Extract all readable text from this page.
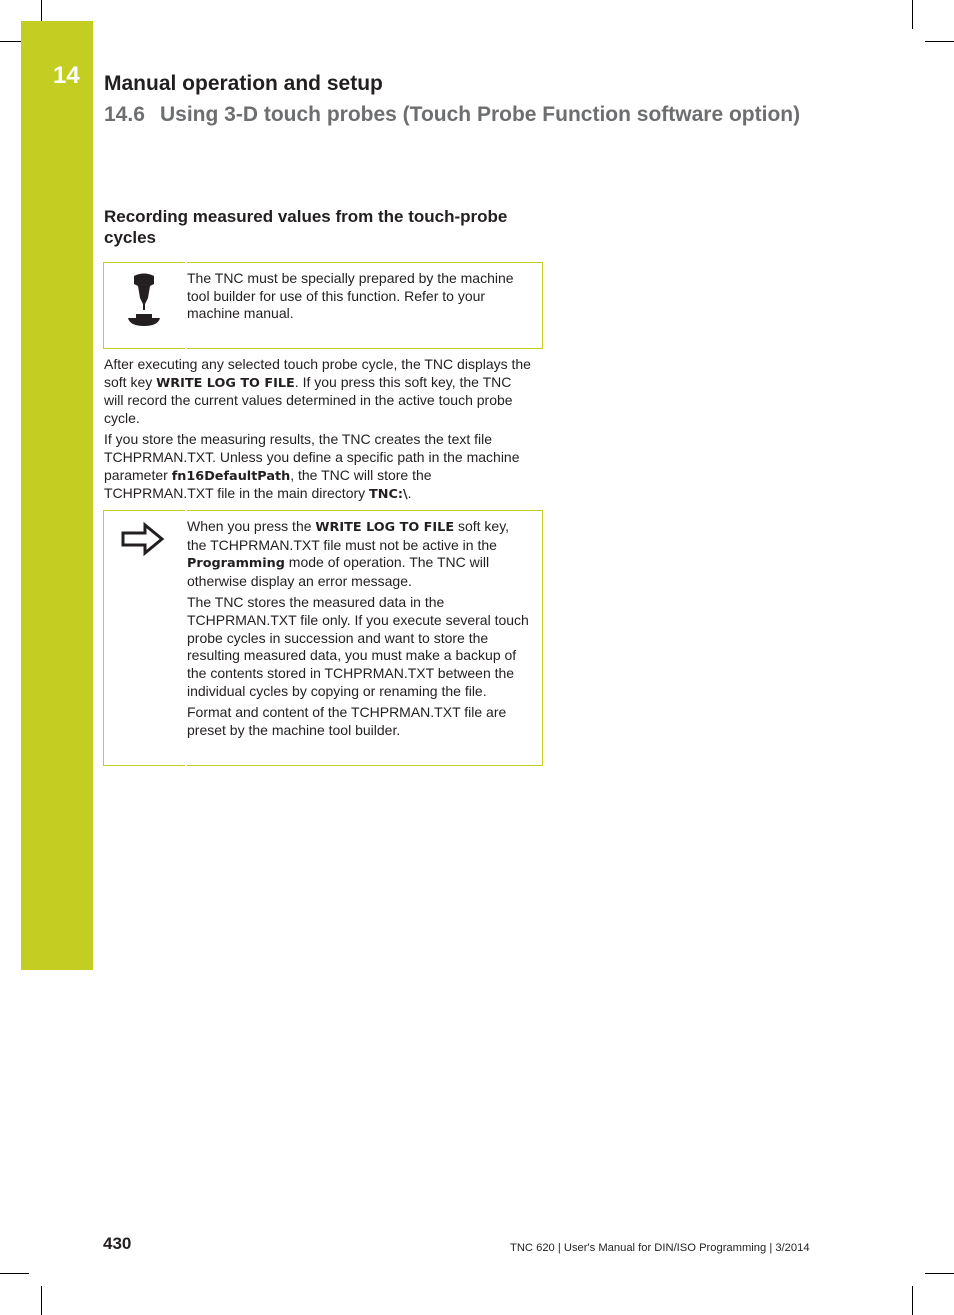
14 Manual operation and setup
14.6 Using 3-D touch probes (Touch Probe Function software option)
Recording measured values from the touch-probe cycles

The TNC must be specially prepared by the machine tool builder for use of this function. Refer to your machine manual.

After executing any selected touch probe cycle, the TNC displays the soft key WRITE LOG TO FILE. If you press this soft key, the TNC will record the current values determined in the active touch probe cycle.

If you store the measuring results, the TNC creates the text file TCHPRMAN.TXT. Unless you define a specific path in the machine parameter fn16DefaultPath, the TNC will store the TCHPRMAN.TXT file in the main directory TNC:\.

When you press the WRITE LOG TO FILE soft key, the TCHPRMAN.TXT file must not be active in the Programming mode of operation. The TNC will otherwise display an error message.

The TNC stores the measured data in the TCHPRMAN.TXT file only. If you execute several touch probe cycles in succession and want to store the resulting measured data, you must make a backup of the contents stored in TCHPRMAN.TXT between the individual cycles by copying or renaming the file.

Format and content of the TCHPRMAN.TXT file are preset by the machine tool builder.

430	TNC 620 | User's Manual for DIN/ISO Programming | 3/2014
